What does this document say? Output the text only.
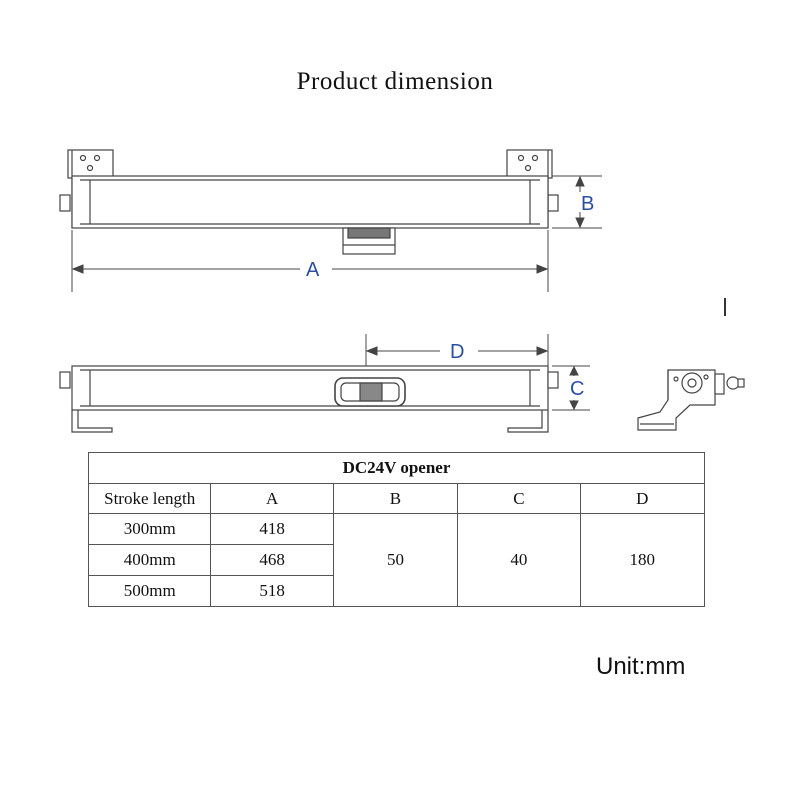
Product dimension
A
B
D
C
DC24V opener				
Stroke length	A	B	C	D
300mm	418	50	40	180
400mm	468			
500mm	518			
Unit:mm
